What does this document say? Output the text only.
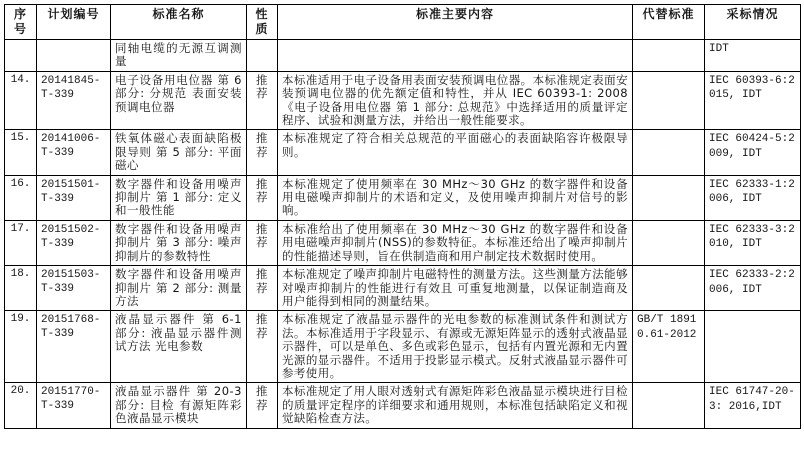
序号	计划编号	标准名称	性质	标准主要内容	代替标准	采标情况
		同轴电缆的无源互调测量				IDT
14.	20141845-T-339	电子设备用电位器 第 6 部分: 分规范 表面安装预调电位器	推荐	本标准适用于电子设备用表面安装预调电位器。本标准规定表面安装预调电位器的优先额定值和特性，并从 IEC 60393-1: 2008《电子设备用电位器 第 1 部分: 总规范》中选择适用的质量评定程序、试验和测量方法，并给出一般性能要求。		IEC 60393-6:2015, IDT
15.	20141006-T-339	铁氧体磁心表面缺陷极限导则 第 5 部分: 平面磁心	推荐	本标准规定了符合相关总规范的平面磁心的表面缺陷容许极限导则。		IEC 60424-5:2009, IDT
16.	20151501-T-339	数字器件和设备用噪声抑制片 第 1 部分: 定义和一般性能	推荐	本标准规定了使用频率在 30 MHz～30 GHz 的数字器件和设备用电磁噪声抑制片的术语和定义，及使用噪声抑制片对信号的影响。		IEC 62333-1:2006, IDT
17.	20151502-T-339	数字器件和设备用噪声抑制片 第 3 部分: 噪声抑制片的参数特性	推荐	本标准给出了使用频率在 30 MHz～30 GHz 的数字器件和设备用电磁噪声抑制片(NSS)的参数特征。本标准还给出了噪声抑制片的性能描述导则，旨在供制造商和用户制定技术数据时使用。		IEC 62333-3:2010, IDT
18.	20151503-T-339	数字器件和设备用噪声抑制片 第 2 部分: 测量方法	推荐	本标准规定了噪声抑制片电磁特性的测量方法。这些测量方法能够对噪声抑制片的性能进行有效且 可重复地测量，以保证制造商及用户能得到相同的测量结果。		IEC 62333-2:2006, IDT
19.	20151768-T-339	液晶显示器件 第 6-1 部分: 液晶显示器件测试方法 光电参数	推荐	本标准规定了液晶显示器件的光电参数的标准测试条件和测试方法。本标准适用于字段显示、有源或无源矩阵显示的透射式液晶显示器件，可以是单色、多色或彩色显示，包括有内置光源和无内置光源的显示器件。不适用于投影显示模式。反射式液晶显示器件可参考使用。	GB/T 18910.61-2012	
20.	20151770-T-339	液晶显示器件 第 20-3 部分: 目检 有源矩阵彩色液晶显示模块	推荐	本标准规定了用人眼对透射式有源矩阵彩色液晶显示模块进行目检的质量评定程序的详细要求和通用规则，本标准包括缺陷定义和视觉缺陷检查方法。		IEC 61747-20-3: 2016,IDT
